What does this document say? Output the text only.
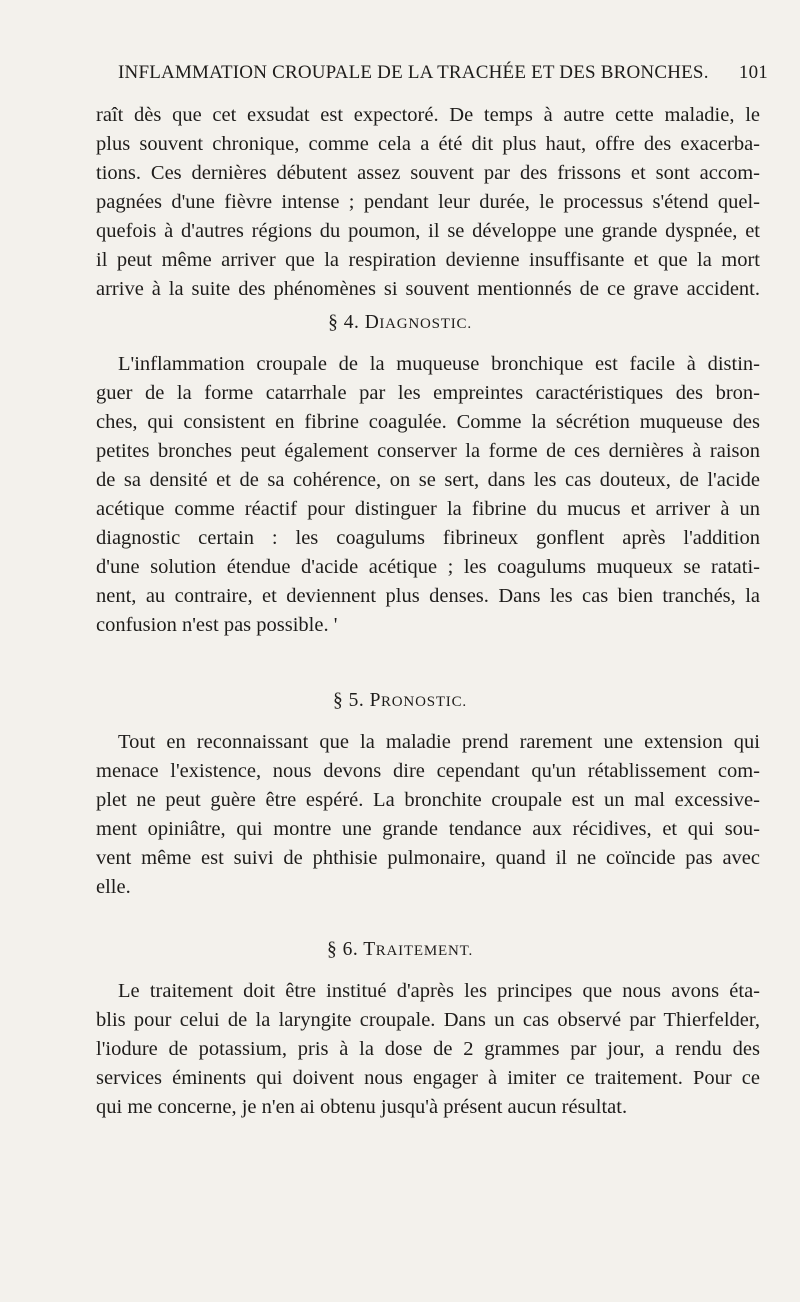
INFLAMMATION CROUPALE DE LA TRACHÉE ET DES BRONCHES. 101
raît dès que cet exsudat est expectoré. De temps à autre cette maladie, le
plus souvent chronique, comme cela a été dit plus haut, offre des exacerba-
tions. Ces dernières débutent assez souvent par des frissons et sont accom-
pagnées d'une fièvre intense ; pendant leur durée, le processus s'étend quel-
quefois à d'autres régions du poumon, il se développe une grande dyspnée, et
il peut même arriver que la respiration devienne insuffisante et que la mort
arrive à la suite des phénomènes si souvent mentionnés de ce grave accident.
§ 4. DIAGNOSTIC.
L'inflammation croupale de la muqueuse bronchique est facile à distin-
guer de la forme catarrhale par les empreintes caractéristiques des bron-
ches, qui consistent en fibrine coagulée. Comme la sécrétion muqueuse des
petites bronches peut également conserver la forme de ces dernières à raison
de sa densité et de sa cohérence, on se sert, dans les cas douteux, de l'acide
acétique comme réactif pour distinguer la fibrine du mucus et arriver à un
diagnostic certain : les coagulums fibrineux gonflent après l'addition
d'une solution étendue d'acide acétique ; les coagulums muqueux se ratati-
nent, au contraire, et deviennent plus denses. Dans les cas bien tranchés, la
confusion n'est pas possible. '
§ 5. PRONOSTIC.
Tout en reconnaissant que la maladie prend rarement une extension qui
menace l'existence, nous devons dire cependant qu'un rétablissement com-
plet ne peut guère être espéré. La bronchite croupale est un mal excessive-
ment opiniâtre, qui montre une grande tendance aux récidives, et qui sou-
vent même est suivi de phthisie pulmonaire, quand il ne coïncide pas avec
elle.
§ 6. TRAITEMENT.
Le traitement doit être institué d'après les principes que nous avons éta-
blis pour celui de la laryngite croupale. Dans un cas observé par Thierfelder,
l'iodure de potassium, pris à la dose de 2 grammes par jour, a rendu des
services éminents qui doivent nous engager à imiter ce traitement. Pour ce
qui me concerne, je n'en ai obtenu jusqu'à présent aucun résultat.
